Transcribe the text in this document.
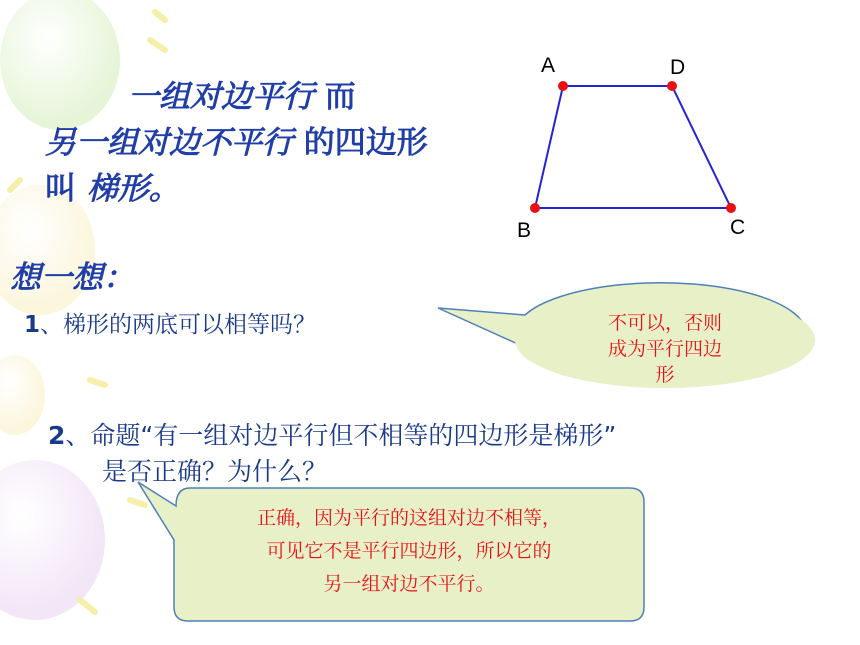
一组对边平行 而
另一组对边不平行 的四边形
叫 梯形。
A	D
B	C
想一想：
1、梯形的两底可以相等吗？	不可以，否则
成为平行四边
形
2、命题“有一组对边平行但不相等的四边形是梯形”
是否正确？为什么？
正确，因为平行的这组对边不相等，
可见它不是平行四边形，所以它的
另一组对边不平行。
